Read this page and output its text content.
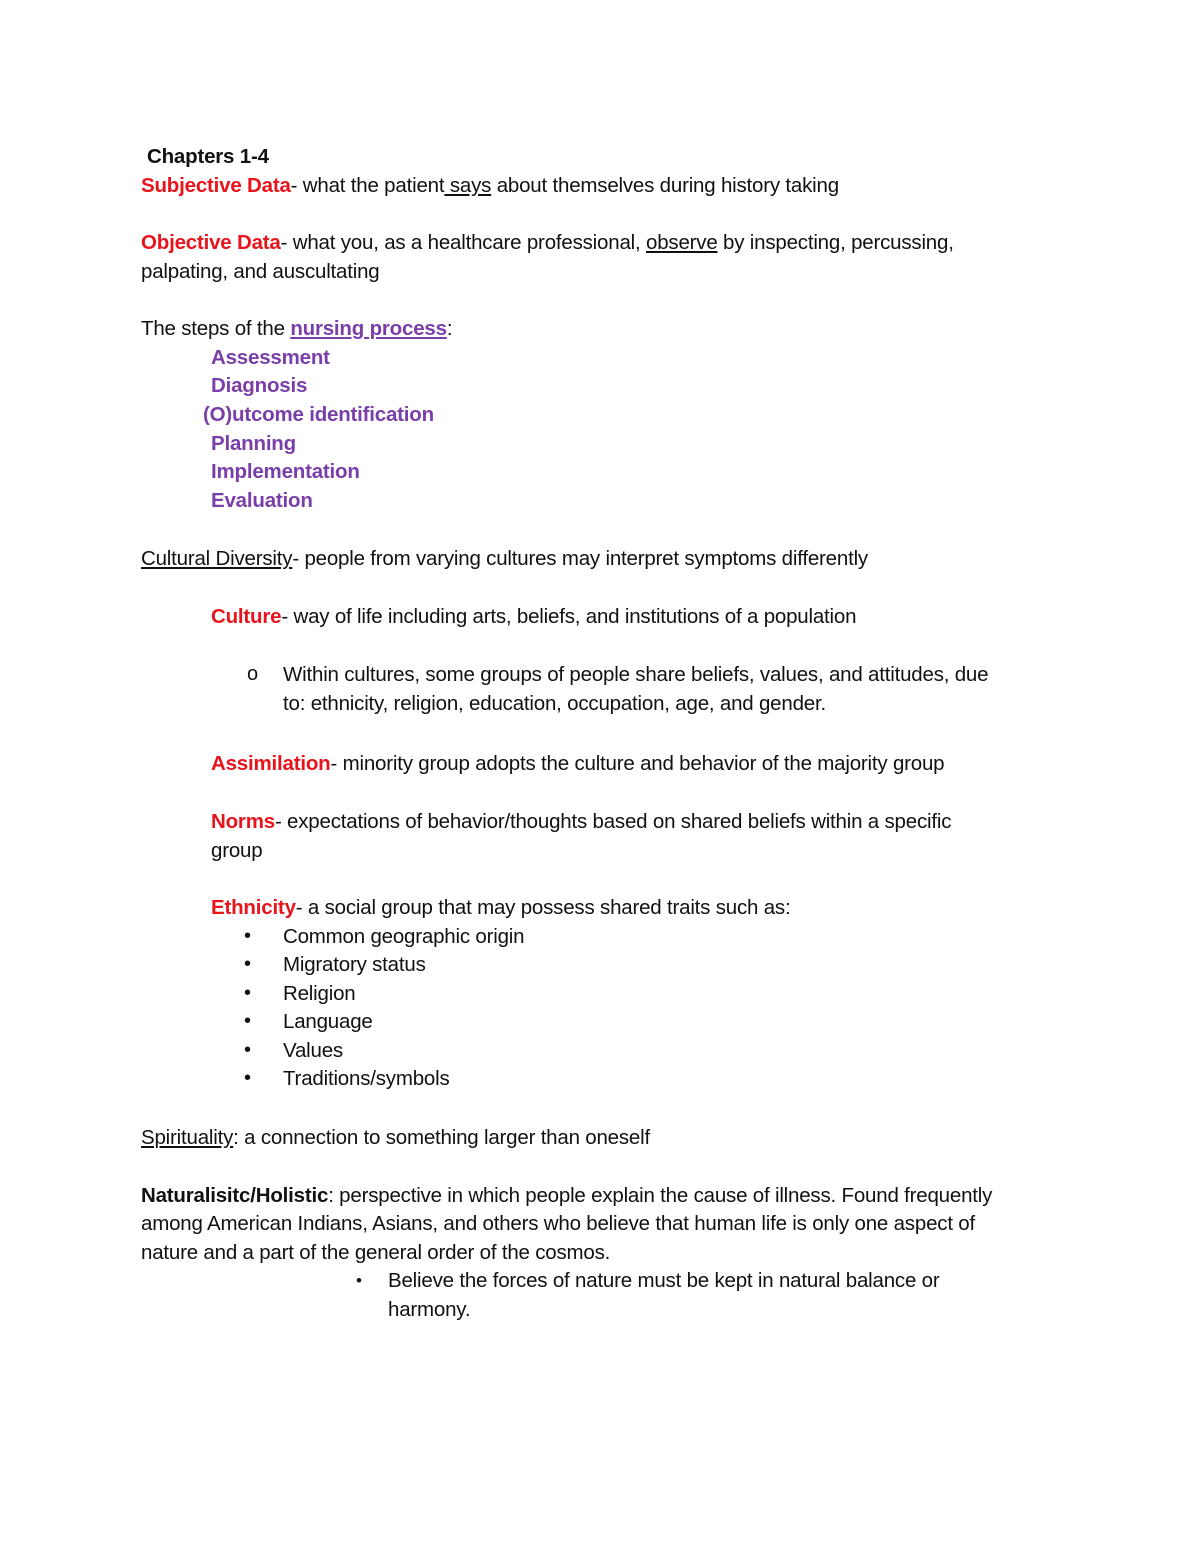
Chapters 1-4
Subjective Data- what the patient says about themselves during history taking
Objective Data- what you, as a healthcare professional, observe by inspecting, percussing,
palpating, and auscultating
The steps of the nursing process:
Assessment
Diagnosis
(O)utcome identification
Planning
Implementation
Evaluation
Cultural Diversity- people from varying cultures may interpret symptoms differently
Culture- way of life including arts, beliefs, and institutions of a population
o Within cultures, some groups of people share beliefs, values, and attitudes, due
to: ethnicity, religion, education, occupation, age, and gender.
Assimilation- minority group adopts the culture and behavior of the majority group
Norms- expectations of behavior/thoughts based on shared beliefs within a specific
group
Ethnicity- a social group that may possess shared traits such as:
• Common geographic origin
• Migratory status
• Religion
• Language
• Values
• Traditions/symbols
Spirituality: a connection to something larger than oneself
Naturalisitc/Holistic: perspective in which people explain the cause of illness. Found frequently
among American Indians, Asians, and others who believe that human life is only one aspect of
nature and a part of the general order of the cosmos.
• Believe the forces of nature must be kept in natural balance or
harmony.
